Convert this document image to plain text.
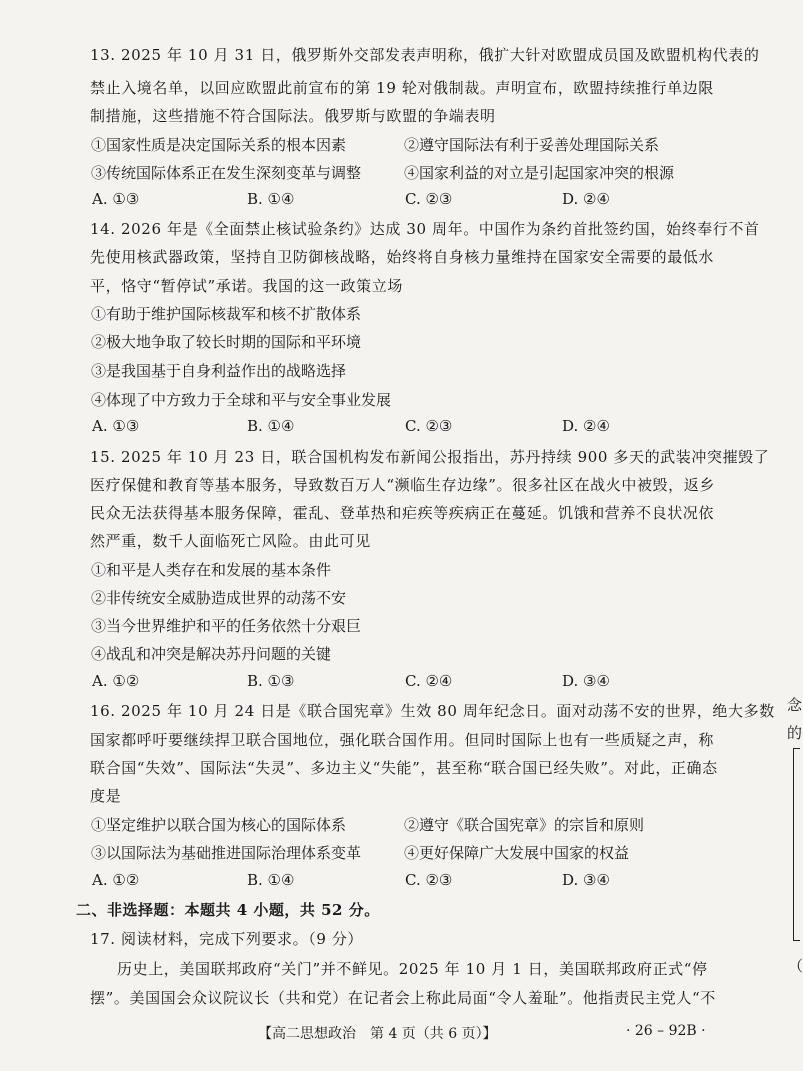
13. 2025 年 10 月 31 日，俄罗斯外交部发表声明称，俄扩大针对欧盟成员国及欧盟机构代表的
禁止入境名单，以回应欧盟此前宣布的第 19 轮对俄制裁。声明宣布，欧盟持续推行单边限
制措施，这些措施不符合国际法。俄罗斯与欧盟的争端表明
①国家性质是决定国际关系的根本因素	②遵守国际法有利于妥善处理国际关系
③传统国际体系正在发生深刻变革与调整	④国家利益的对立是引起国家冲突的根源
A. ①③	B. ①④	C. ②③	D. ②④
14. 2026 年是《全面禁止核试验条约》达成 30 周年。中国作为条约首批签约国，始终奉行不首
先使用核武器政策，坚持自卫防御核战略，始终将自身核力量维持在国家安全需要的最低水
平，恪守“暂停试”承诺。我国的这一政策立场
①有助于维护国际核裁军和核不扩散体系
②极大地争取了较长时期的国际和平环境
③是我国基于自身利益作出的战略选择
④体现了中方致力于全球和平与安全事业发展
A. ①③	B. ①④	C. ②③	D. ②④
15. 2025 年 10 月 23 日，联合国机构发布新闻公报指出，苏丹持续 900 多天的武装冲突摧毁了
医疗保健和教育等基本服务，导致数百万人“濒临生存边缘”。很多社区在战火中被毁，返乡
民众无法获得基本服务保障，霍乱、登革热和疟疾等疾病正在蔓延。饥饿和营养不良状况依
然严重，数千人面临死亡风险。由此可见
①和平是人类存在和发展的基本条件
②非传统安全威胁造成世界的动荡不安
③当今世界维护和平的任务依然十分艰巨
④战乱和冲突是解决苏丹问题的关键
A. ①②	B. ①③	C. ②④	D. ③④
16. 2025 年 10 月 24 日是《联合国宪章》生效 80 周年纪念日。面对动荡不安的世界，绝大多数
国家都呼吁要继续捍卫联合国地位，强化联合国作用。但同时国际上也有一些质疑之声，称
联合国“失效”、国际法“失灵”、多边主义“失能”，甚至称“联合国已经失败”。对此，正确态
度是
①坚定维护以联合国为核心的国际体系	②遵守《联合国宪章》的宗旨和原则
③以国际法为基础推进国际治理体系变革	④更好保障广大发展中国家的权益
A. ①②	B. ①④	C. ②③	D. ③④
二、非选择题：本题共 4 小题，共 52 分。
17. 阅读材料，完成下列要求。（9 分）
历史上，美国联邦政府“关门”并不鲜见。2025 年 10 月 1 日，美国联邦政府正式“停
摆”。美国国会众议院议长（共和党）在记者会上称此局面“令人羞耻”。他指责民主党人“不
【高二思想政治　第 4 页（共 6 页）】	· 26 – 92B ·
念
的
（
